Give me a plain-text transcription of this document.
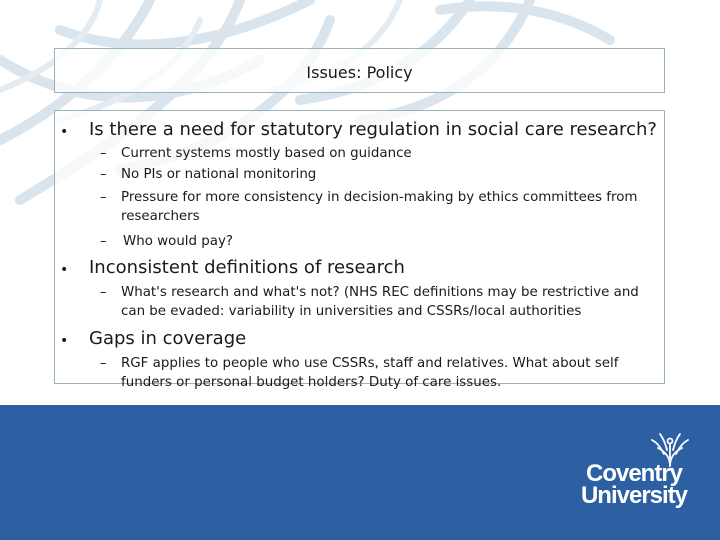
Issues: Policy
• Is there a need for statutory regulation in social care research?
– Current systems mostly based on guidance
– No PIs or national monitoring
– Pressure for more consistency in decision-making by ethics committees from researchers
– Who would pay?
• Inconsistent definitions of research
– What's research and what's not? (NHS REC definitions may be restrictive and can be evaded: variability in universities and CSSRs/local authorities
• Gaps in coverage
– RGF applies to people who use CSSRs, staff and relatives. What about self funders or personal budget holders? Duty of care issues.
Coventry
University
